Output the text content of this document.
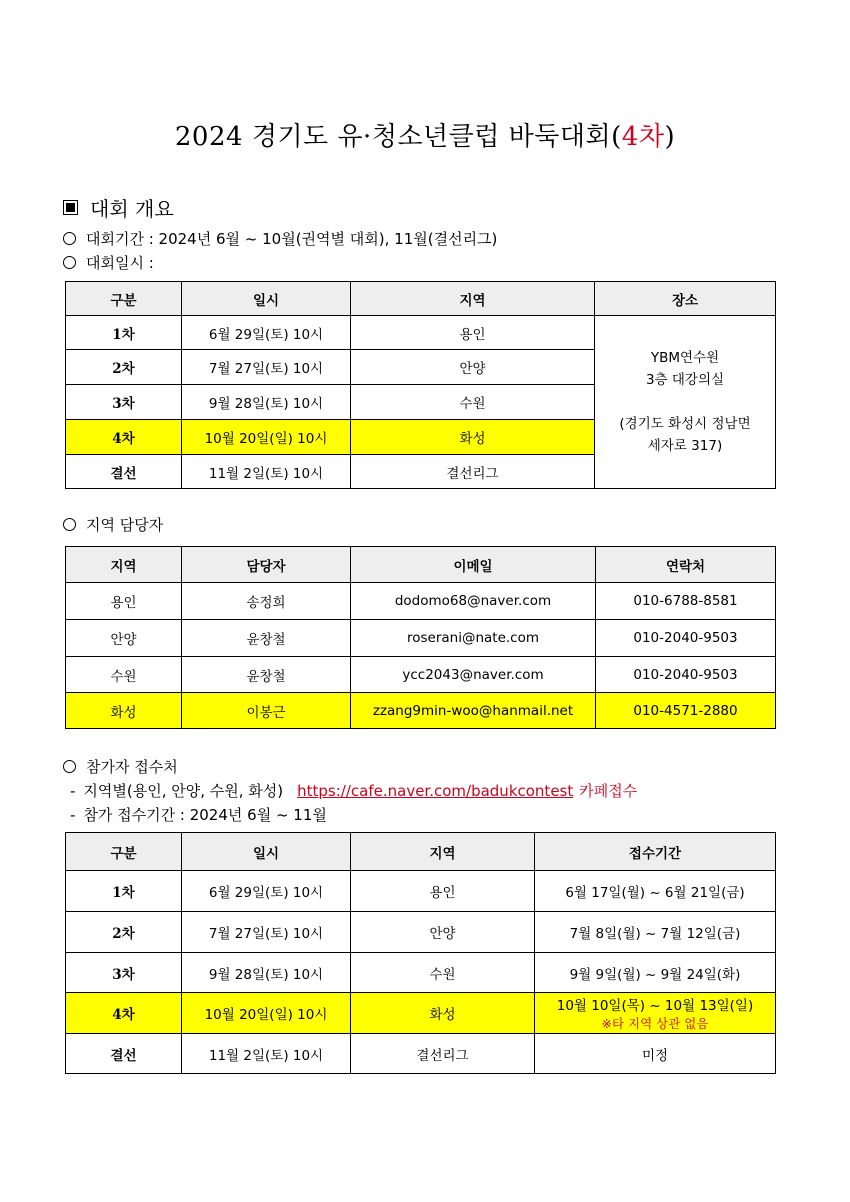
2024 경기도 유·청소년클럽 바둑대회(4차)
대회 개요
대회기간 : 2024년 6월 ~ 10월(권역별 대회), 11월(결선리그)
대회일시 :
구분	일시	지역	장소
1차	6월 29일(토) 10시	용인	YBM연수원
3층 대강의실

(경기도 화성시 정남면
세자로 317)
2차	7월 27일(토) 10시	안양	
3차	9월 28일(토) 10시	수원	
4차	10월 20일(일) 10시	화성	
결선	11월 2일(토) 10시	결선리그	
지역 담당자
지역	담당자	이메일	연락처
용인	송정희	dodomo68@naver.com	010-6788-8581
안양	윤창철	roserani@nate.com	010-2040-9503
수원	윤창철	ycc2043@naver.com	010-2040-9503
화성	이봉근	zzang9min-woo@hanmail.net	010-4571-2880
참가자 접수처
- 지역별(용인, 안양, 수원, 화성) https://cafe.naver.com/badukcontest 카페접수
- 참가 접수기간 : 2024년 6월 ~ 11월
구분	일시	지역	접수기간
1차	6월 29일(토) 10시	용인	6월 17일(월) ~ 6월 21일(금)
2차	7월 27일(토) 10시	안양	7월 8일(월) ~ 7월 12일(금)
3차	9월 28일(토) 10시	수원	9월 9일(월) ~ 9월 24일(화)
4차	10월 20일(일) 10시	화성	10월 10일(목) ~ 10월 13일(일)
※타 지역 상관 없음

결선	11월 2일(토) 10시	결선리그	미정
